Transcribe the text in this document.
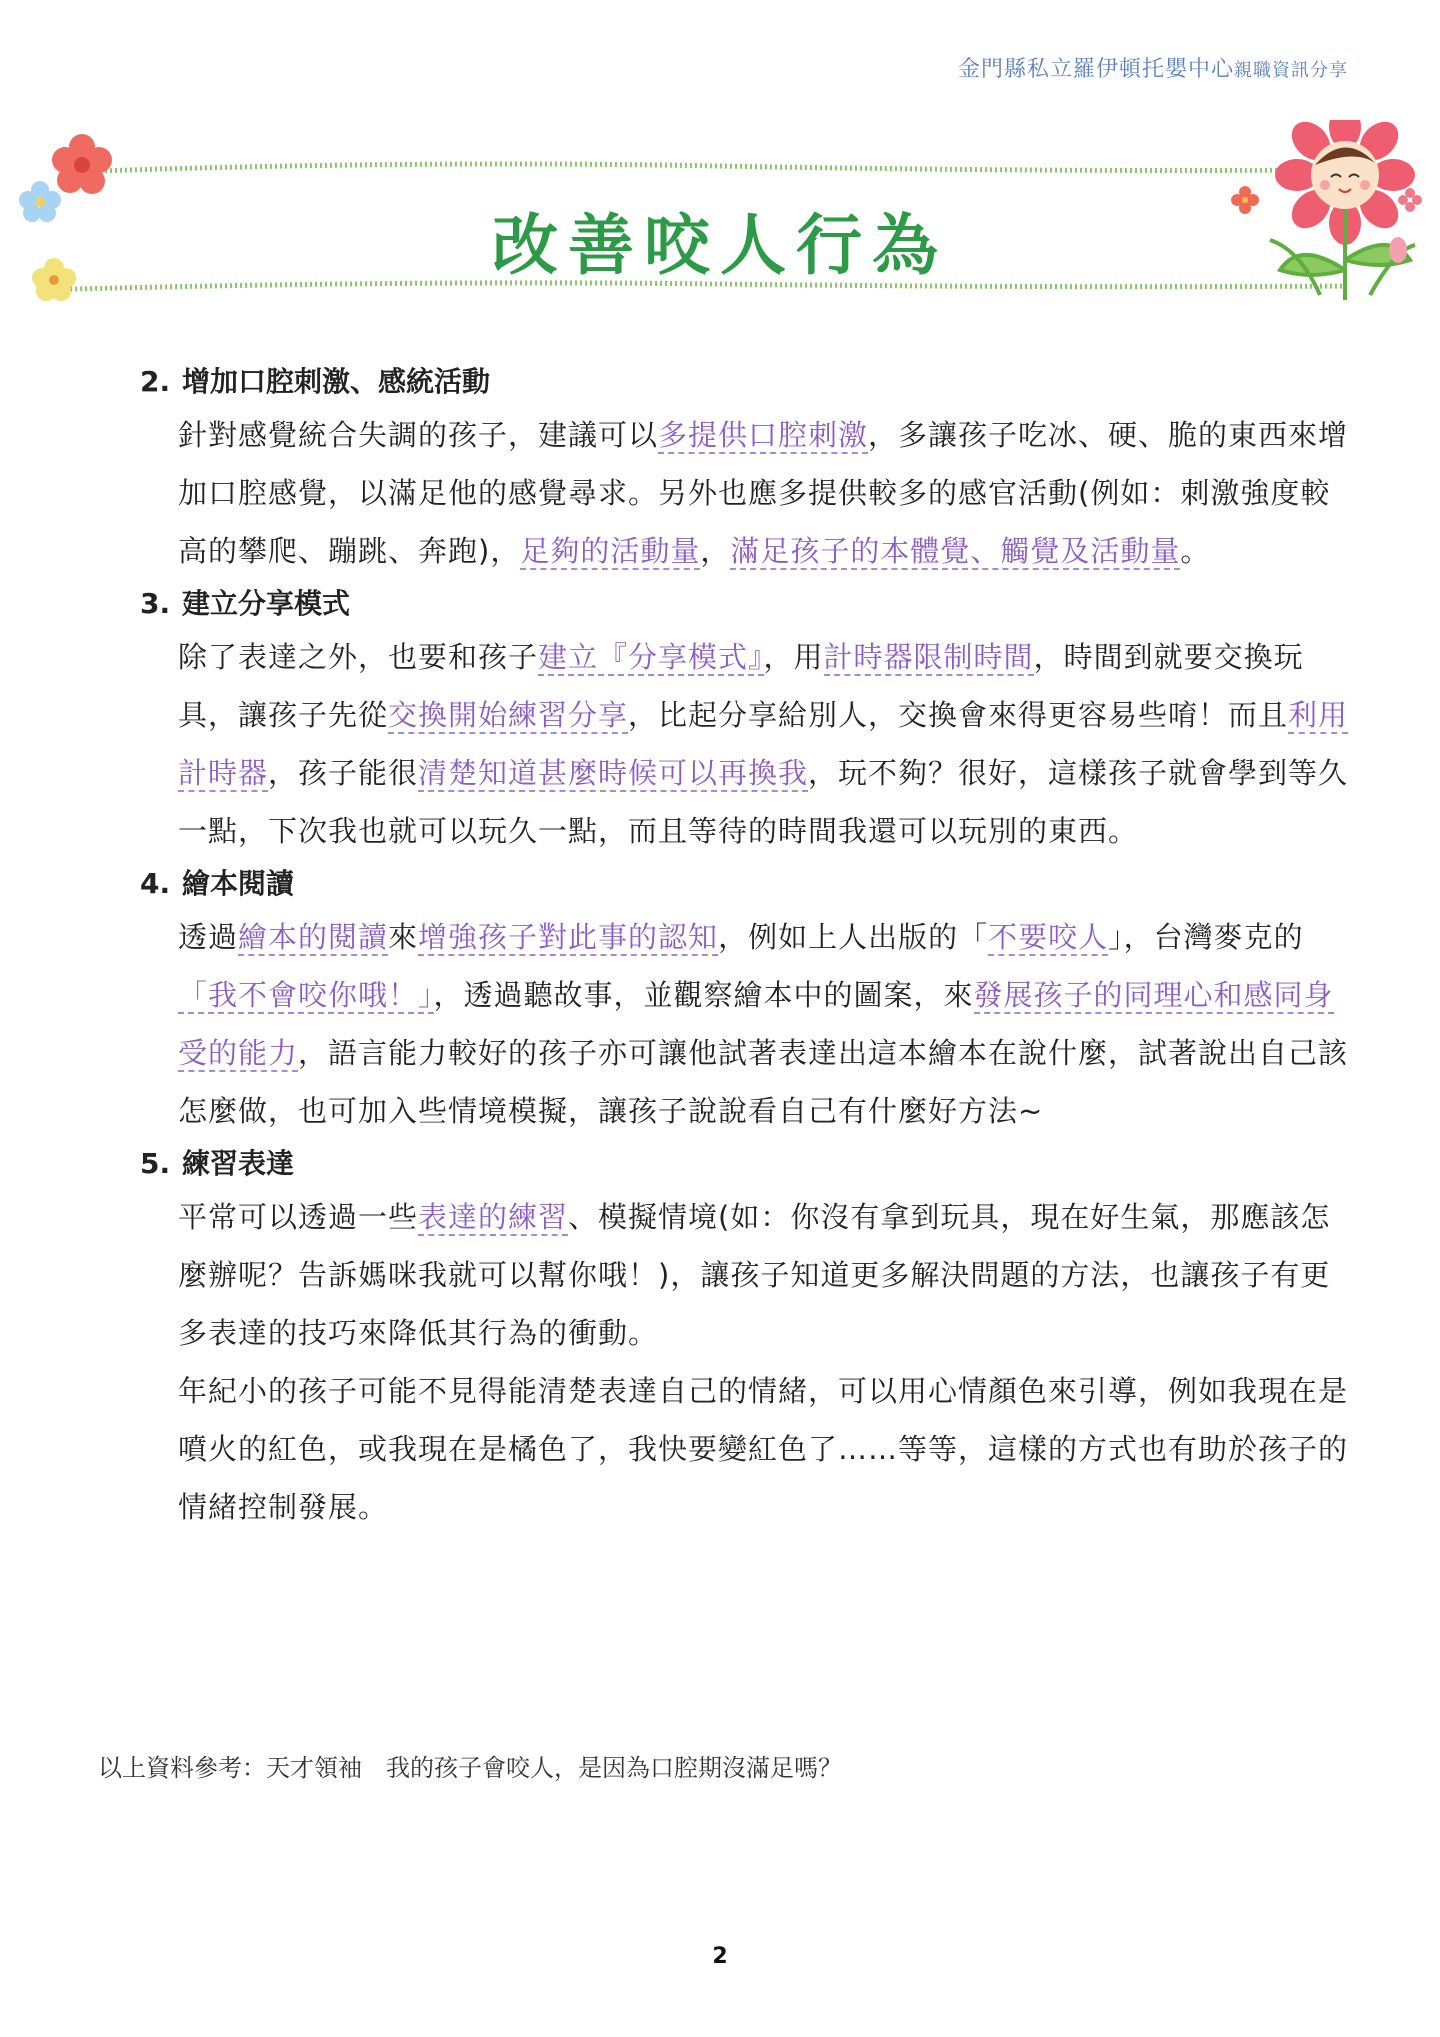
金門縣私立羅伊頓托嬰中心親職資訊分享
改善咬人行為
2. 增加口腔刺激、感統活動
針對感覺統合失調的孩子，建議可以多提供口腔刺激，多讓孩子吃冰、硬、脆的東西來增加口腔感覺，以滿足他的感覺尋求。另外也應多提供較多的感官活動(例如：刺激強度較高的攀爬、蹦跳、奔跑)，足夠的活動量，滿足孩子的本體覺、觸覺及活動量。
3. 建立分享模式
除了表達之外，也要和孩子建立『分享模式』，用計時器限制時間，時間到就要交換玩具，讓孩子先從交換開始練習分享，比起分享給別人，交換會來得更容易些唷！而且利用計時器，孩子能很清楚知道甚麼時候可以再換我，玩不夠？很好，這樣孩子就會學到等久一點，下次我也就可以玩久一點，而且等待的時間我還可以玩別的東西。
4. 繪本閱讀
透過繪本的閱讀來增強孩子對此事的認知，例如上人出版的「不要咬人」，台灣麥克的「我不會咬你哦！」，透過聽故事，並觀察繪本中的圖案，來發展孩子的同理心和感同身受的能力，語言能力較好的孩子亦可讓他試著表達出這本繪本在說什麼，試著說出自己該怎麼做，也可加入些情境模擬，讓孩子說說看自己有什麼好方法~
5. 練習表達
平常可以透過一些表達的練習、模擬情境(如：你沒有拿到玩具，現在好生氣，那應該怎麼辦呢？告訴媽咪我就可以幫你哦！)，讓孩子知道更多解決問題的方法，也讓孩子有更多表達的技巧來降低其行為的衝動。
年紀小的孩子可能不見得能清楚表達自己的情緒，可以用心情顏色來引導，例如我現在是噴火的紅色，或我現在是橘色了，我快要變紅色了……等等，這樣的方式也有助於孩子的情緒控制發展。
以上資料參考：天才領袖　我的孩子會咬人，是因為口腔期沒滿足嗎？
2
